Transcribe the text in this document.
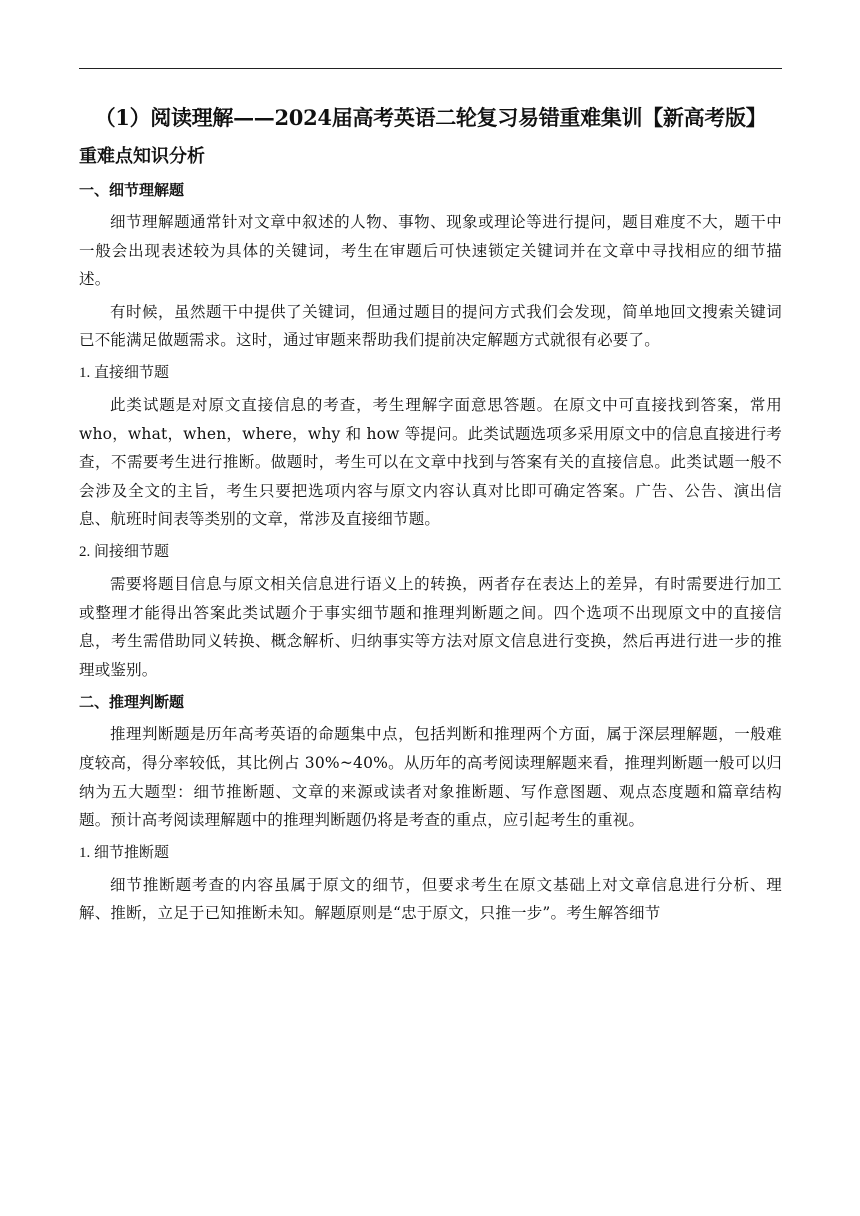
（1）阅读理解——2024届高考英语二轮复习易错重难集训【新高考版】
重难点知识分析
一、细节理解题

细节理解题通常针对文章中叙述的人物、事物、现象或理论等进行提问，题目难度不大，题干中一般会出现表述较为具体的关键词，考生在审题后可快速锁定关键词并在文章中寻找相应的细节描述。

有时候，虽然题干中提供了关键词，但通过题目的提问方式我们会发现，简单地回文搜索关键词已不能满足做题需求。这时，通过审题来帮助我们提前决定解题方式就很有必要了。

1. 直接细节题

此类试题是对原文直接信息的考查，考生理解字面意思答题。在原文中可直接找到答案，常用 who，what，when，where，why 和 how 等提问。此类试题选项多采用原文中的信息直接进行考查，不需要考生进行推断。做题时，考生可以在文章中找到与答案有关的直接信息。此类试题一般不会涉及全文的主旨，考生只要把选项内容与原文内容认真对比即可确定答案。广告、公告、演出信息、航班时间表等类别的文章，常涉及直接细节题。

2. 间接细节题

需要将题目信息与原文相关信息进行语义上的转换，两者存在表达上的差异，有时需要进行加工或整理才能得出答案此类试题介于事实细节题和推理判断题之间。四个选项不出现原文中的直接信息，考生需借助同义转换、概念解析、归纳事实等方法对原文信息进行变换，然后再进行进一步的推理或鉴别。

二、推理判断题

推理判断题是历年高考英语的命题集中点，包括判断和推理两个方面，属于深层理解题，一般难度较高，得分率较低，其比例占 30%~40%。从历年的高考阅读理解题来看，推理判断题一般可以归纳为五大题型：细节推断题、文章的来源或读者对象推断题、写作意图题、观点态度题和篇章结构题。预计高考阅读理解题中的推理判断题仍将是考查的重点，应引起考生的重视。

1. 细节推断题

细节推断题考查的内容虽属于原文的细节，但要求考生在原文基础上对文章信息进行分析、理解、推断，立足于已知推断未知。解题原则是“忠于原文，只推一步”。考生解答细节
